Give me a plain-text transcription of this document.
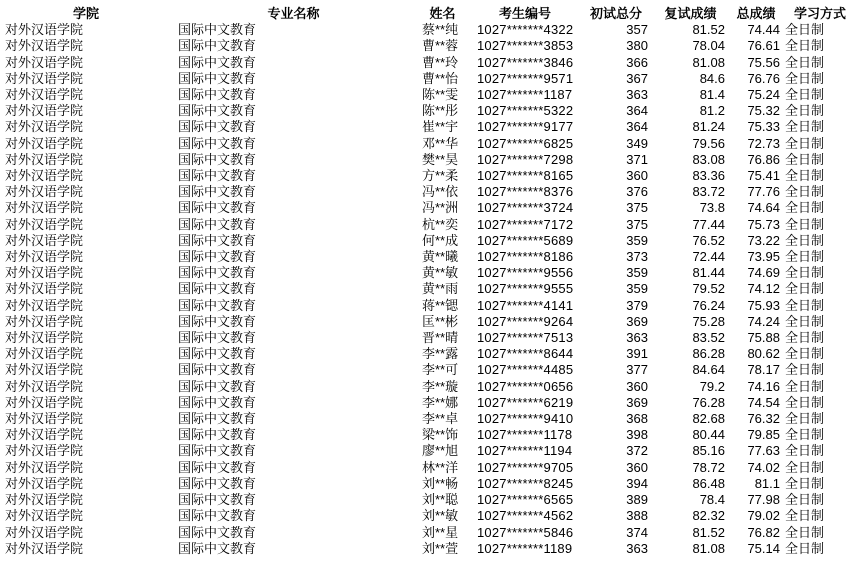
学院	专业名称	姓名	考生编号	初试总分	复试成绩	总成绩	学习方式
对外汉语学院	国际中文教育	蔡**纯	1027*******4322	357	81.52	74.44	全日制
对外汉语学院	国际中文教育	曹**蓉	1027*******3853	380	78.04	76.61	全日制
对外汉语学院	国际中文教育	曹**玲	1027*******3846	366	81.08	75.56	全日制
对外汉语学院	国际中文教育	曹**怡	1027*******9571	367	84.6	76.76	全日制
对外汉语学院	国际中文教育	陈**雯	1027*******1187	363	81.4	75.24	全日制
对外汉语学院	国际中文教育	陈**彤	1027*******5322	364	81.2	75.32	全日制
对外汉语学院	国际中文教育	崔**宇	1027*******9177	364	81.24	75.33	全日制
对外汉语学院	国际中文教育	邓**华	1027*******6825	349	79.56	72.73	全日制
对外汉语学院	国际中文教育	樊**昊	1027*******7298	371	83.08	76.86	全日制
对外汉语学院	国际中文教育	方**柔	1027*******8165	360	83.36	75.41	全日制
对外汉语学院	国际中文教育	冯**依	1027*******8376	376	83.72	77.76	全日制
对外汉语学院	国际中文教育	冯**洲	1027*******3724	375	73.8	74.64	全日制
对外汉语学院	国际中文教育	杭**奕	1027*******7172	375	77.44	75.73	全日制
对外汉语学院	国际中文教育	何**成	1027*******5689	359	76.52	73.22	全日制
对外汉语学院	国际中文教育	黄**曦	1027*******8186	373	72.44	73.95	全日制
对外汉语学院	国际中文教育	黄**敏	1027*******9556	359	81.44	74.69	全日制
对外汉语学院	国际中文教育	黄**雨	1027*******9555	359	79.52	74.12	全日制
对外汉语学院	国际中文教育	蒋**锶	1027*******4141	379	76.24	75.93	全日制
对外汉语学院	国际中文教育	匡**彬	1027*******9264	369	75.28	74.24	全日制
对外汉语学院	国际中文教育	晋**晴	1027*******7513	363	83.52	75.88	全日制
对外汉语学院	国际中文教育	李**露	1027*******8644	391	86.28	80.62	全日制
对外汉语学院	国际中文教育	李**可	1027*******4485	377	84.64	78.17	全日制
对外汉语学院	国际中文教育	李**璇	1027*******0656	360	79.2	74.16	全日制
对外汉语学院	国际中文教育	李**娜	1027*******6219	369	76.28	74.54	全日制
对外汉语学院	国际中文教育	李**卓	1027*******9410	368	82.68	76.32	全日制
对外汉语学院	国际中文教育	梁**饰	1027*******1178	398	80.44	79.85	全日制
对外汉语学院	国际中文教育	廖**旭	1027*******1194	372	85.16	77.63	全日制
对外汉语学院	国际中文教育	林**洋	1027*******9705	360	78.72	74.02	全日制
对外汉语学院	国际中文教育	刘**畅	1027*******8245	394	86.48	81.1	全日制
对外汉语学院	国际中文教育	刘**聪	1027*******6565	389	78.4	77.98	全日制
对外汉语学院	国际中文教育	刘**敏	1027*******4562	388	82.32	79.02	全日制
对外汉语学院	国际中文教育	刘**星	1027*******5846	374	81.52	76.82	全日制
对外汉语学院	国际中文教育	刘**萱	1027*******1189	363	81.08	75.14	全日制
